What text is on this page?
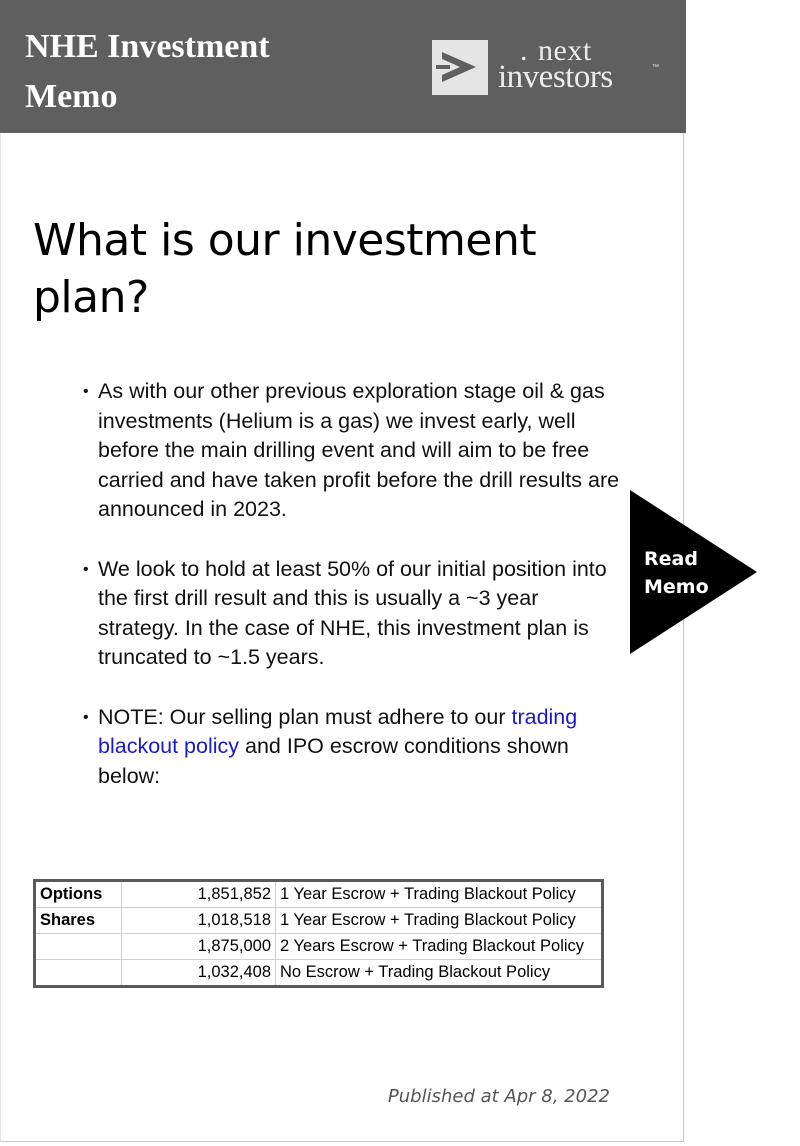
NHE Investment Memo
. next
investors	™
What is our investment plan?
• As with our other previous exploration stage oil & gas investments (Helium is a gas) we invest early, well before the main drilling event and will aim to be free carried and have taken profit before the drill results are announced in 2023.
• We look to hold at least 50% of our initial position into the first drill result and this is usually a ~3 year strategy. In the case of NHE, this investment plan is truncated to ~1.5 years.
• NOTE: Our selling plan must adhere to our trading blackout policy and IPO escrow conditions shown below:
Read
Memo
Options	1,851,852	1 Year Escrow + Trading Blackout Policy
Shares	1,018,518	1 Year Escrow + Trading Blackout Policy
	1,875,000	2 Years Escrow + Trading Blackout Policy
	1,032,408	No Escrow + Trading Blackout Policy
Published at Apr 8, 2022
